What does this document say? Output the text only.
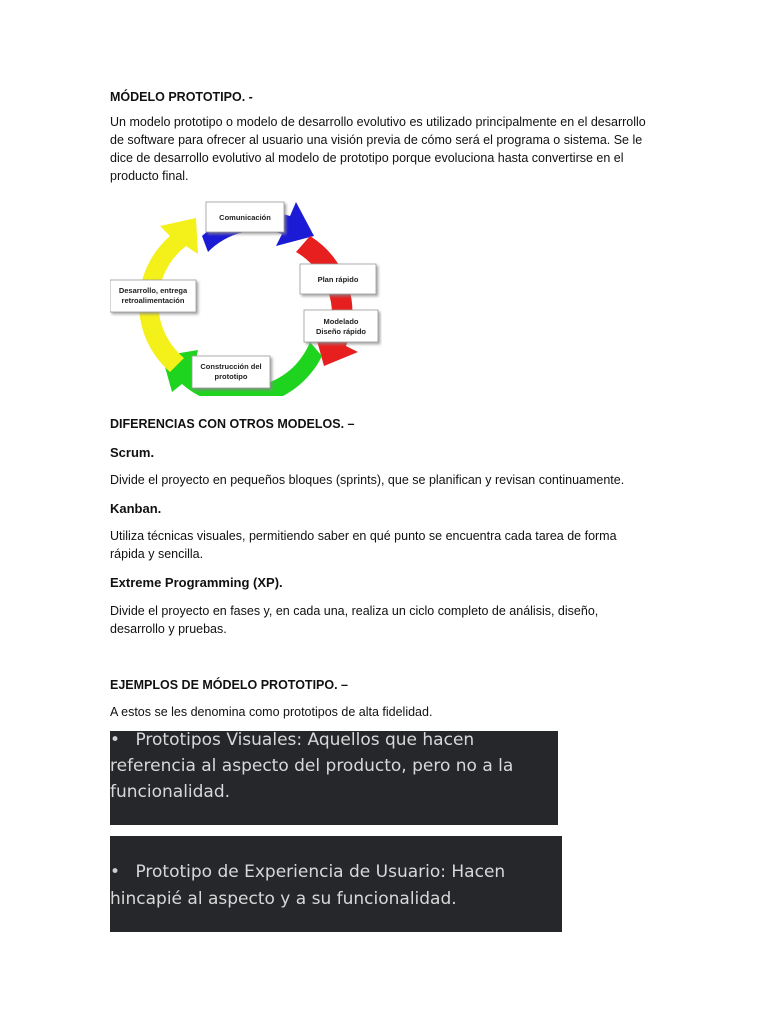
MÓDELO PROTOTIPO. -
Un modelo prototipo o modelo de desarrollo evolutivo es utilizado principalmente en el desarrollo de software para ofrecer al usuario una visión previa de cómo será el programa o sistema. Se le dice de desarrollo evolutivo al modelo de prototipo porque evoluciona hasta convertirse en el producto final.
Comunicación
Plan rápido
Modelado
Diseño rápido
Construcción del
prototipo
Desarrollo, entrega
retroalimentación
DIFERENCIAS CON OTROS MODELOS. –
Scrum.
Divide el proyecto en pequeños bloques (sprints), que se planifican y revisan continuamente.
Kanban.
Utiliza técnicas visuales, permitiendo saber en qué punto se encuentra cada tarea de forma rápida y sencilla.
Extreme Programming (XP).
Divide el proyecto en fases y, en cada una, realiza un ciclo completo de análisis, diseño, desarrollo y pruebas.
EJEMPLOS DE MÓDELO PROTOTIPO. –
A estos se les denomina como prototipos de alta fidelidad.
• Prototipos Visuales: Aquellos que hacen
referencia al aspecto del producto, pero no a la
funcionalidad.
• Prototipo de Experiencia de Usuario: Hacen
hincapié al aspecto y a su funcionalidad.
